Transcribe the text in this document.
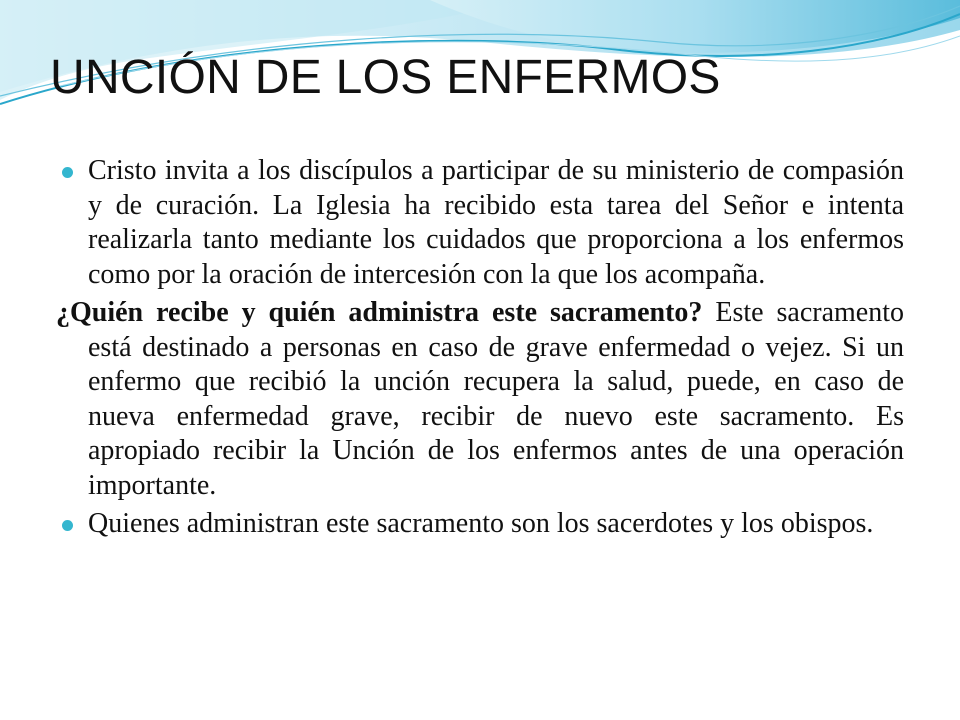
UNCIÓN DE LOS ENFERMOS

Cristo invita a los discípulos a participar de su ministerio de compasión y de curación. La Iglesia ha recibido esta tarea del Señor e intenta realizarla tanto mediante los cuidados que proporciona a los enfermos como por la oración de intercesión con la que los acompaña.

¿Quién recibe y quién administra este sacramento? Este sacramento está destinado a personas en caso de grave enfermedad o vejez. Si un enfermo que recibió la unción recupera la salud, puede, en caso de nueva enfermedad grave, recibir de nuevo este sacramento. Es apropiado recibir la Unción de los enfermos antes de una operación importante.

Quienes administran este sacramento son los sacerdotes y los obispos.
